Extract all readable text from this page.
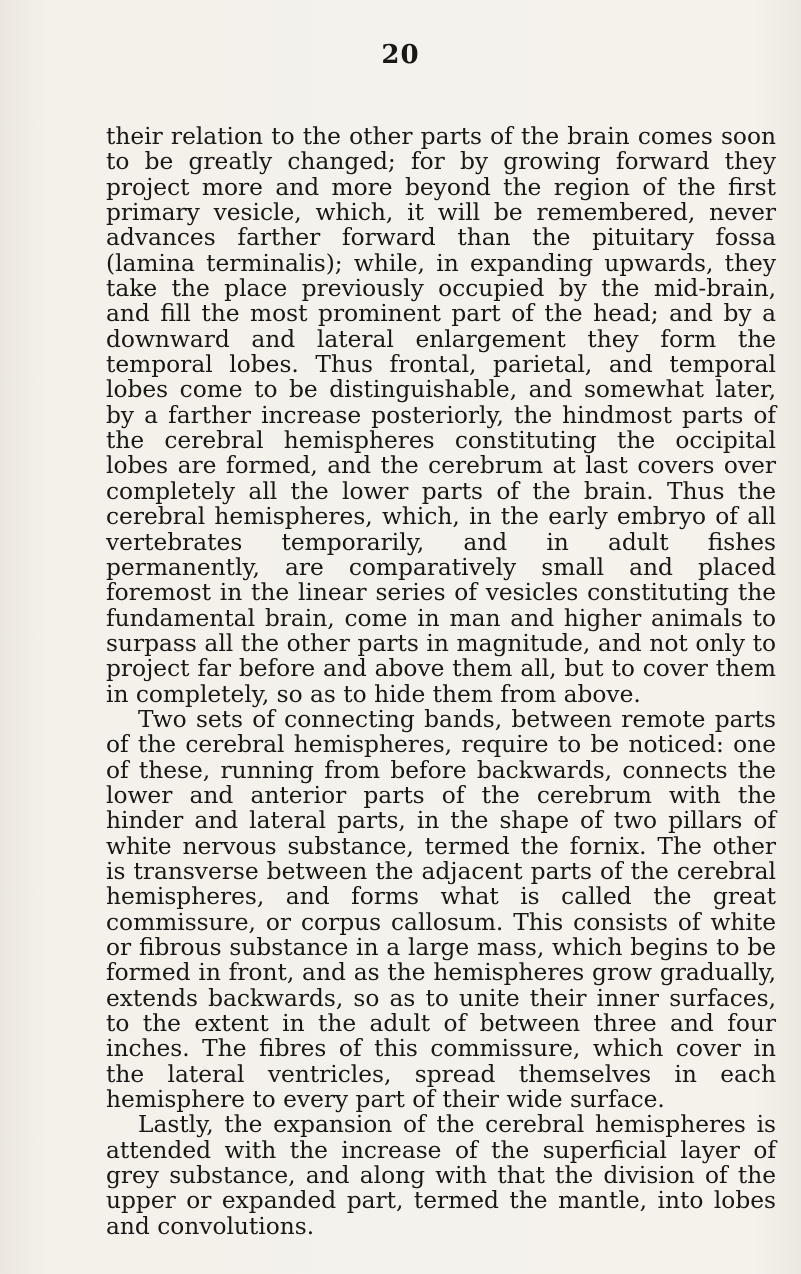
20

their relation to the other parts of the brain comes soon to be greatly changed; for by growing forward they project more and more beyond the region of the first primary vesicle, which, it will be remembered, never advances farther forward than the pituitary fossa (lamina terminalis); while, in expanding upwards, they take the place previously occupied by the mid-brain, and fill the most prominent part of the head; and by a downward and lateral enlargement they form the temporal lobes. Thus frontal, parietal, and temporal lobes come to be distinguishable, and somewhat later, by a farther increase posteriorly, the hindmost parts of the cerebral hemispheres constituting the occipital lobes are formed, and the cerebrum at last covers over completely all the lower parts of the brain. Thus the cerebral hemispheres, which, in the early embryo of all vertebrates temporarily, and in adult fishes permanently, are comparatively small and placed foremost in the linear series of vesicles constituting the fundamental brain, come in man and higher animals to surpass all the other parts in magnitude, and not only to project far before and above them all, but to cover them in completely, so as to hide them from above.

Two sets of connecting bands, between remote parts of the cerebral hemispheres, require to be noticed: one of these, running from before backwards, connects the lower and anterior parts of the cerebrum with the hinder and lateral parts, in the shape of two pillars of white nervous substance, termed the fornix. The other is transverse between the adjacent parts of the cerebral hemispheres, and forms what is called the great commissure, or corpus callosum. This consists of white or fibrous substance in a large mass, which begins to be formed in front, and as the hemispheres grow gradually, extends backwards, so as to unite their inner surfaces, to the extent in the adult of between three and four inches. The fibres of this commissure, which cover in the lateral ventricles, spread themselves in each hemisphere to every part of their wide surface.

Lastly, the expansion of the cerebral hemispheres is attended with the increase of the superficial layer of grey substance, and along with that the division of the upper or expanded part, termed the mantle, into lobes and convolutions.
